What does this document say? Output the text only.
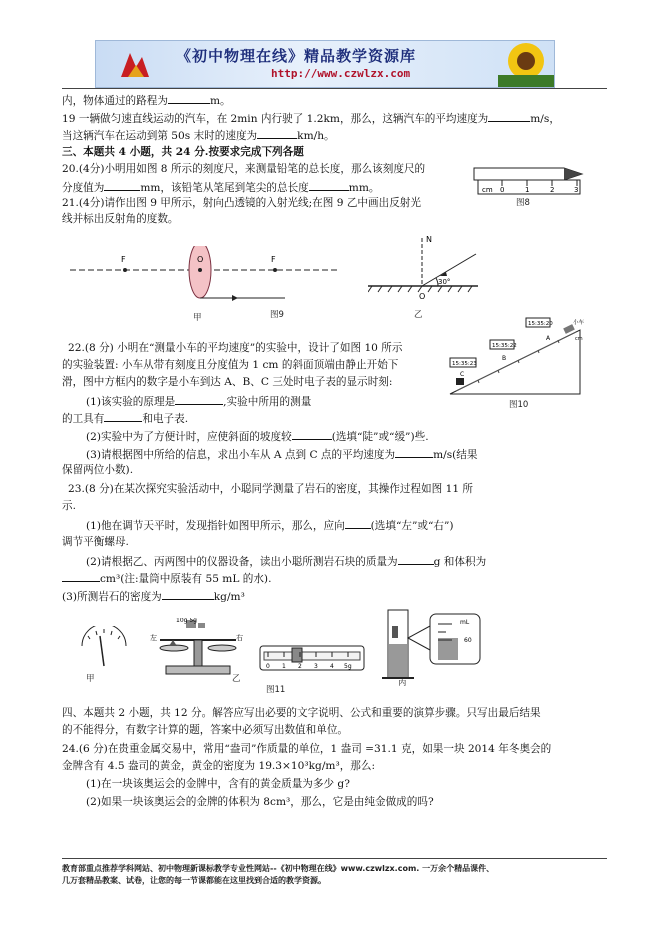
《初中物理在线》精品教学资源库
http://www.czwlzx.com
内，物体通过的路程为	m。
19 一辆做匀速直线运动的汽车，在 2min 内行驶了 1.2km，那么，这辆汽车的平均速度为	m/s，
当这辆汽车在运动到第 50s 末时的速度为	km/h。
三、本题共 4 小题，共 24 分.按要求完成下列各题
20.(4分)小明用如图 8 所示的刻度尺，来测量铅笔的总长度，那么该刻度尺的
分度值为	mm，该铅笔从笔尾到笔尖的总长度	mm。
21.(4分)请作出图 9 甲所示，射向凸透镜的入射光线;在图 9 乙中画出反射光
线并标出反射角的度数。
cm 0	1	2	3
图8
F	O	F
甲	图9
N
O
30°
乙
22.(8 分) 小明在“测量小车的平均速度”的实验中，设计了如图 10 所示
的实验装置: 小车从带有刻度且分度值为 1 cm 的斜面顶端由静止开始下
滑，图中方框内的数字是小车到达 A、B、C 三处时电子表的显示时刻:
(1)该实验的原理是	,实验中所用的测量
的工具有	和电子表.
(2)实验中为了方便计时，应使斜面的坡度较	(选填“陡”或“缓”)些.
(3)请根据图中所给的信息，求出小车从 A 点到 C 点的平均速度为	m/s(结果
保留两位小数).
15:35:23
15:35:22
15:35:20
A
B
C
小车
cm
图10
23.(8 分)在某次探究实验活动中，小聪同学测量了岩石的密度，其操作过程如图 11 所
示.
(1)他在调节天平时，发现指针如图甲所示，那么，应向 (选填“左”或“右”)
调节平衡螺母.
(2)请根据乙、丙两图中的仪器设备，读出小聪所测岩石块的质量为	g 和体积为
cm³(注:量筒中原装有 55 mL 的水).
(3)所测岩石的密度为	kg/m³
甲
左	右
10g 5g
0 1 2 3 4 5g
乙
mL
60
丙
图11
四、本题共 2 小题，共 12 分。解答应写出必要的文字说明、公式和重要的演算步骤。只写出最后结果
的不能得分，有数字计算的题，答案中必须写出数值和单位。
24.(6 分)在贵重金属交易中，常用“盎司”作质量的单位，1 盎司 =31.1 克，如果一块 2014 年冬奥会的
金牌含有 4.5 盎司的黄金，黄金的密度为 19.3×10³kg/m³，那么:
(1)在一块该奥运会的金牌中，含有的黄金质量为多少 g?
(2)如果一块该奥运会的金牌的体积为 8cm³，那么，它是由纯金做成的吗?
教育部重点推荐学科网站、初中物理新课标教学专业性网站--《初中物理在线》www.czwlzx.com. 一万余个精品课件、
几万套精品教案、试卷，让您的每一节课都能在这里找到合适的教学资源。
